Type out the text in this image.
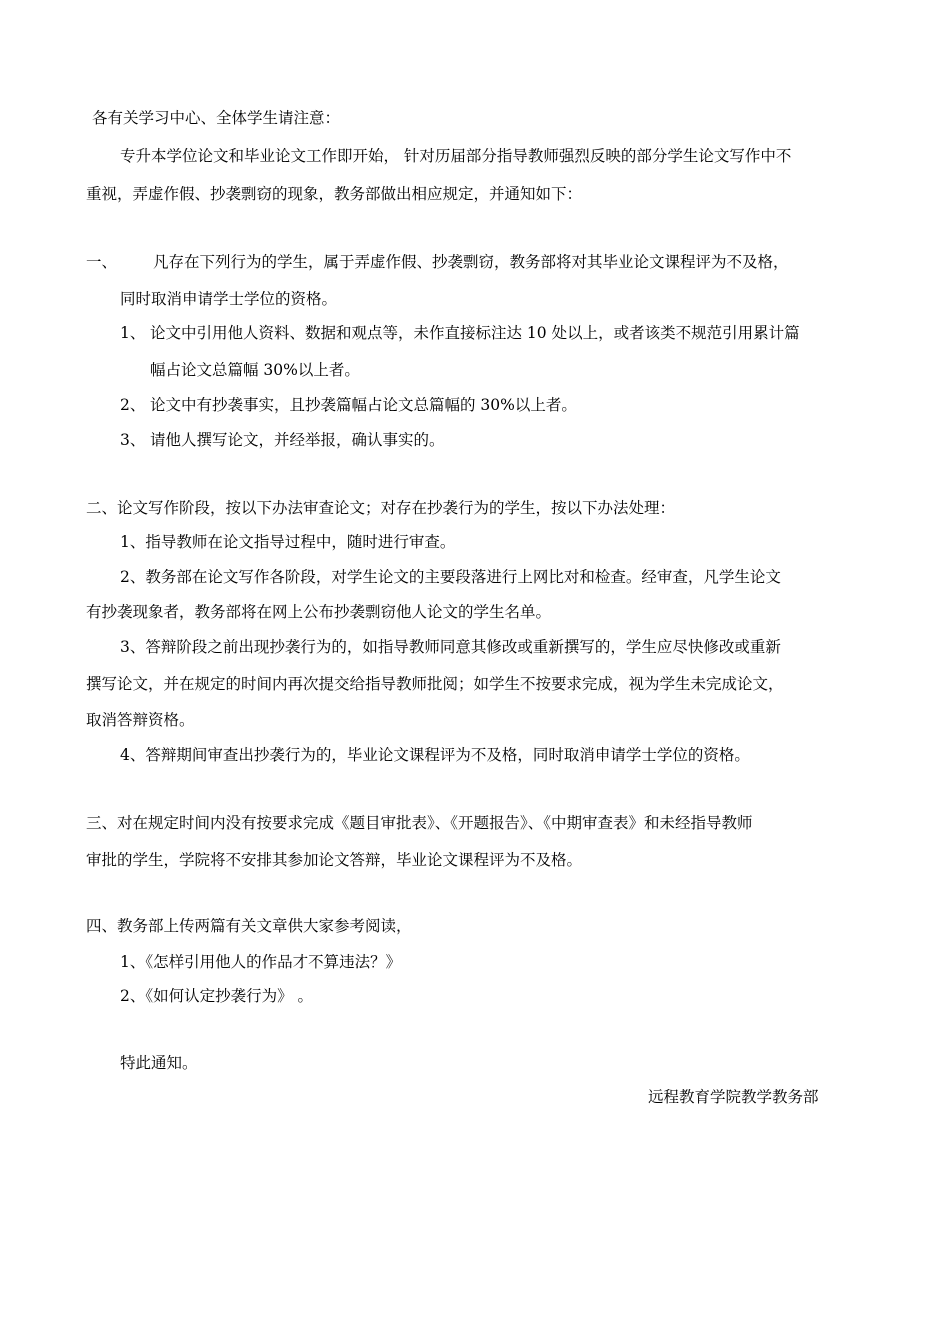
各有关学习中心、全体学生请注意：
专升本学位论文和毕业论文工作即开始， 针对历届部分指导教师强烈反映的部分学生论文写作中不
重视，弄虚作假、抄袭剽窃的现象，教务部做出相应规定，并通知如下：
一、 凡存在下列行为的学生，属于弄虚作假、抄袭剽窃，教务部将对其毕业论文课程评为不及格，
同时取消申请学士学位的资格。
1、 论文中引用他人资料、数据和观点等，未作直接标注达 10 处以上，或者该类不规范引用累计篇
幅占论文总篇幅 30%以上者。
2、 论文中有抄袭事实，且抄袭篇幅占论文总篇幅的 30%以上者。
3、 请他人撰写论文，并经举报，确认事实的。
二、论文写作阶段，按以下办法审查论文；对存在抄袭行为的学生，按以下办法处理：
1、指导教师在论文指导过程中，随时进行审查。
2、教务部在论文写作各阶段，对学生论文的主要段落进行上网比对和检查。经审查，凡学生论文
有抄袭现象者，教务部将在网上公布抄袭剽窃他人论文的学生名单。
3、答辩阶段之前出现抄袭行为的，如指导教师同意其修改或重新撰写的，学生应尽快修改或重新
撰写论文，并在规定的时间内再次提交给指导教师批阅；如学生不按要求完成，视为学生未完成论文，
取消答辩资格。
4、答辩期间审查出抄袭行为的，毕业论文课程评为不及格，同时取消申请学士学位的资格。
三、对在规定时间内没有按要求完成《题目审批表》、《开题报告》、《中期审查表》和未经指导教师
审批的学生，学院将不安排其参加论文答辩，毕业论文课程评为不及格。
四、教务部上传两篇有关文章供大家参考阅读，
1、《怎样引用他人的作品才不算违法？》
2、《如何认定抄袭行为》 。
特此通知。
远程教育学院教学教务部
